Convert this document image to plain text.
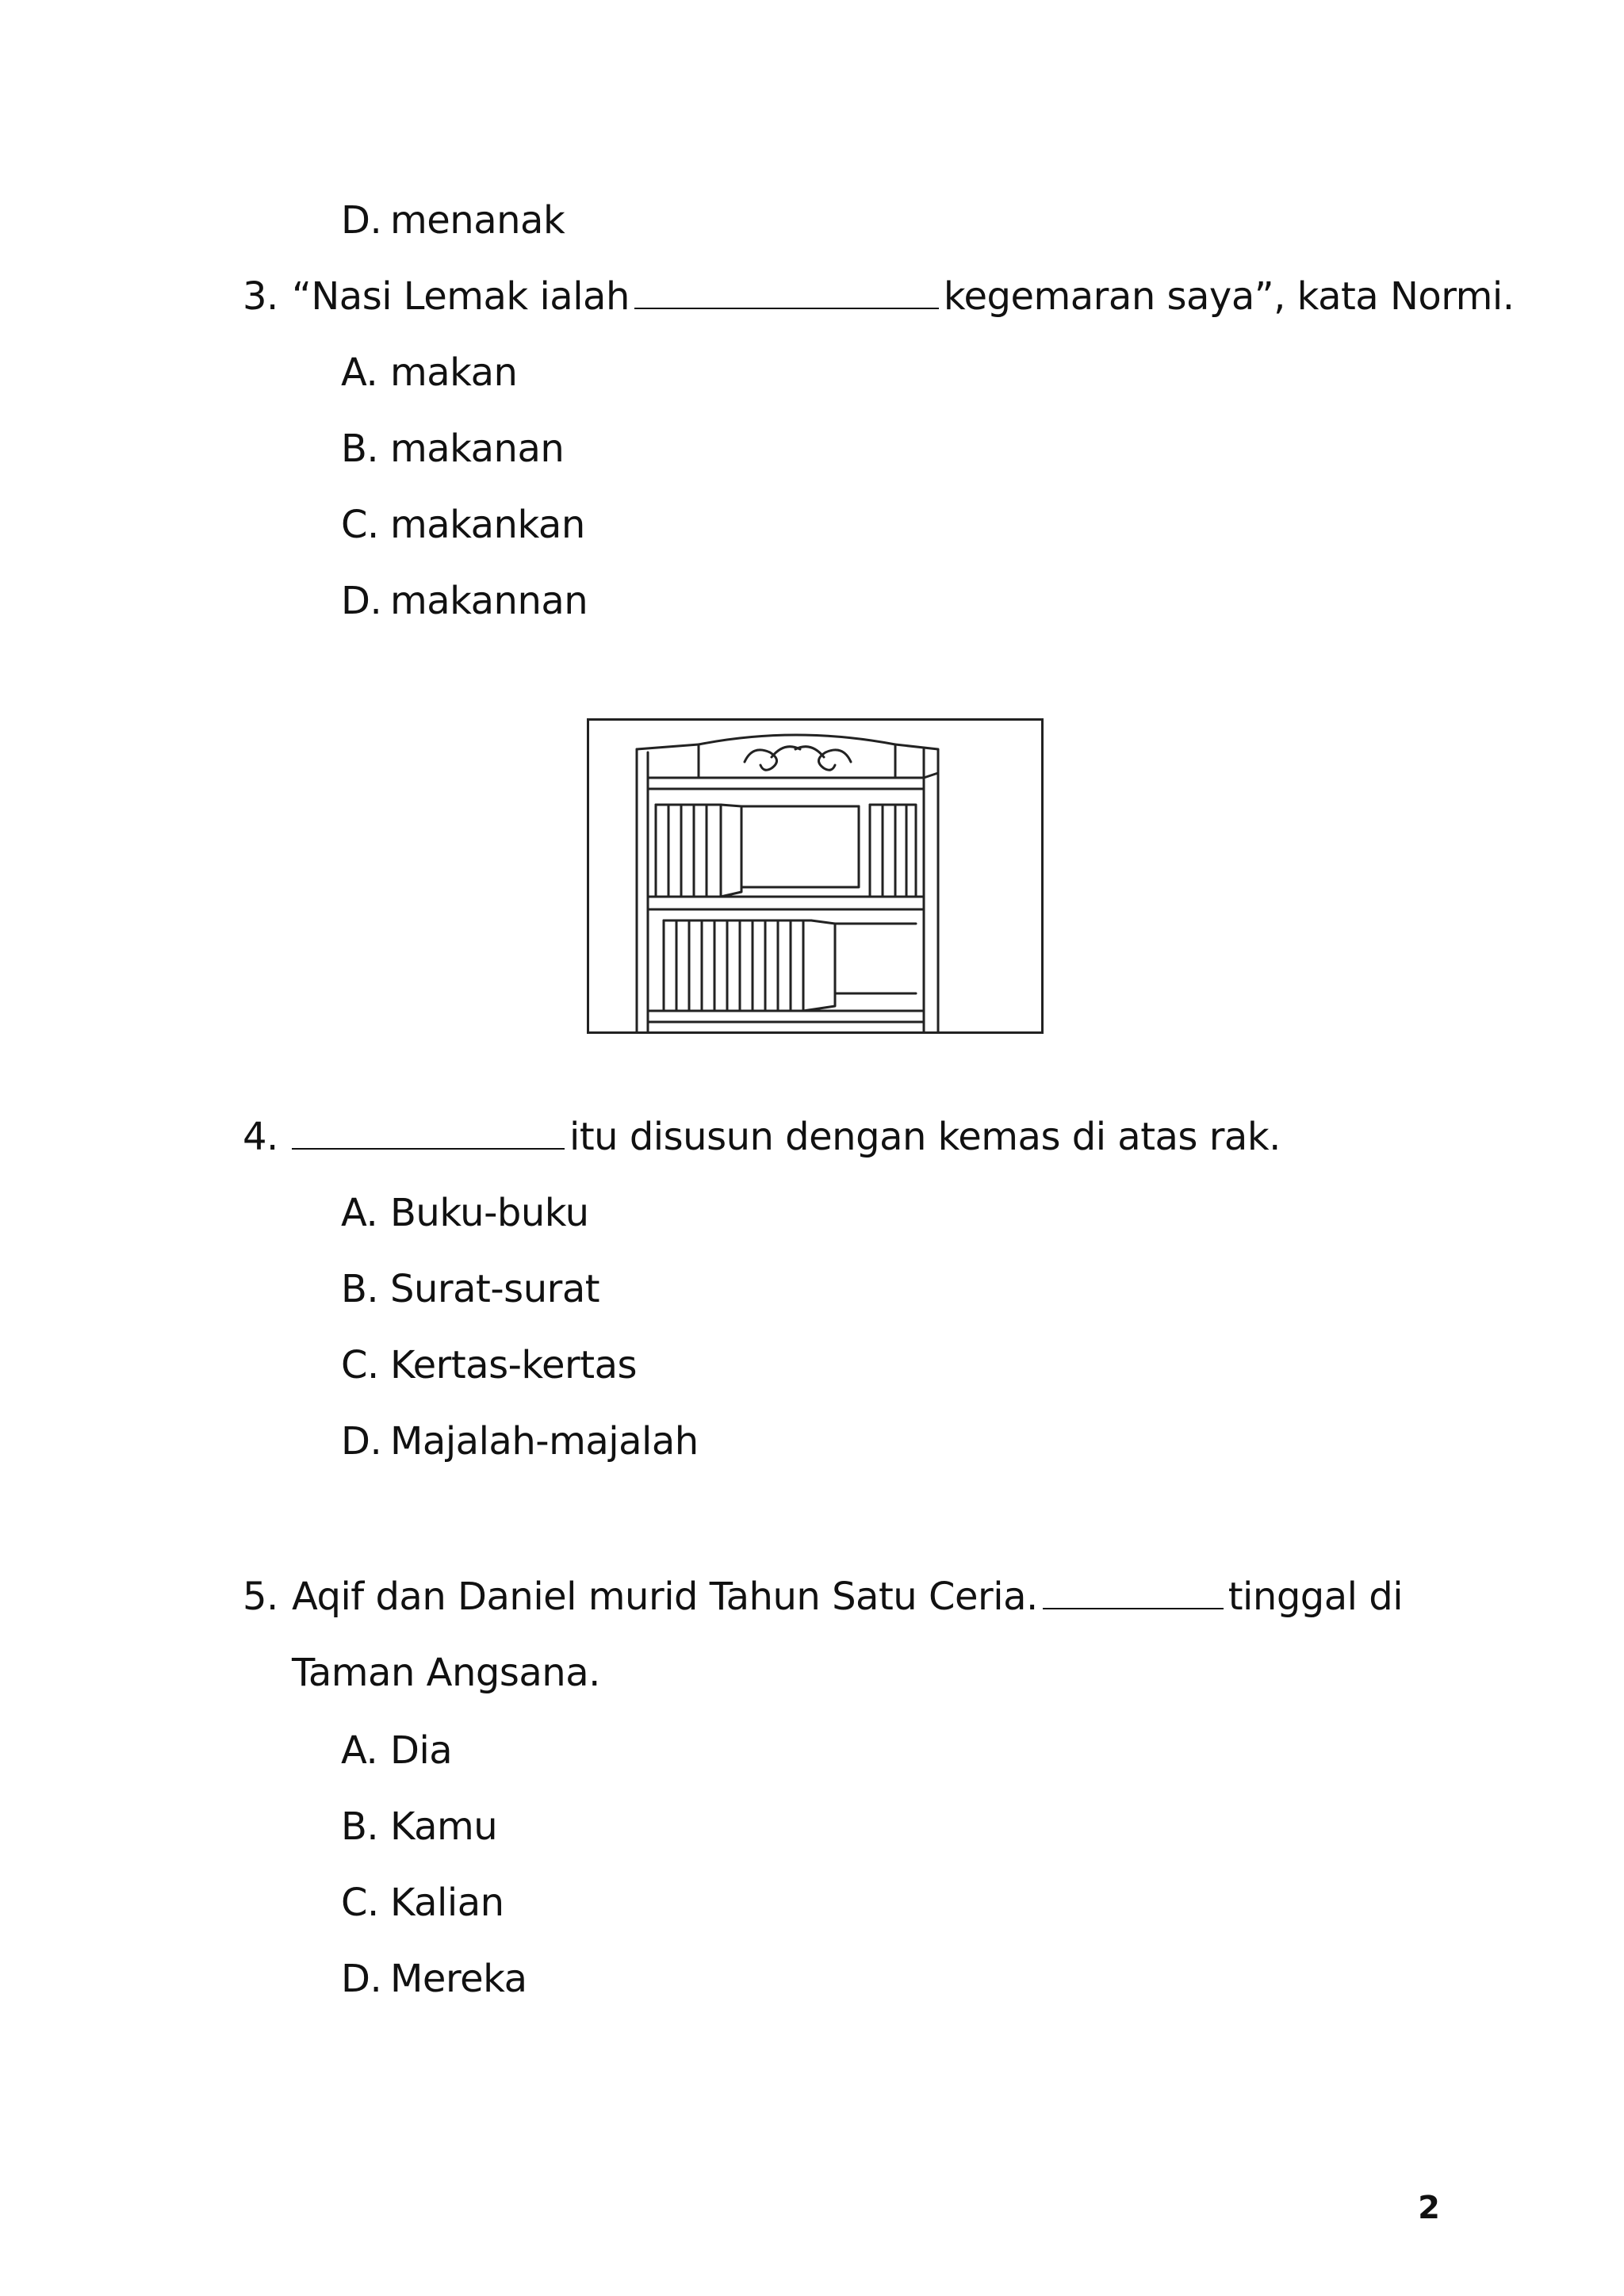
D. menanak
3. “Nasi Lemak ialah	kegemaran saya”, kata Normi.
A. makan
B. makanan
C. makankan
D. makannan
4.	itu disusun dengan kemas di atas rak.
A. Buku-buku
B. Surat-surat
C. Kertas-kertas
D. Majalah-majalah
5. Aqif dan Daniel murid Tahun Satu Ceria.	tinggal di
Taman Angsana.
A. Dia
B. Kamu
C. Kalian
D. Mereka
2
